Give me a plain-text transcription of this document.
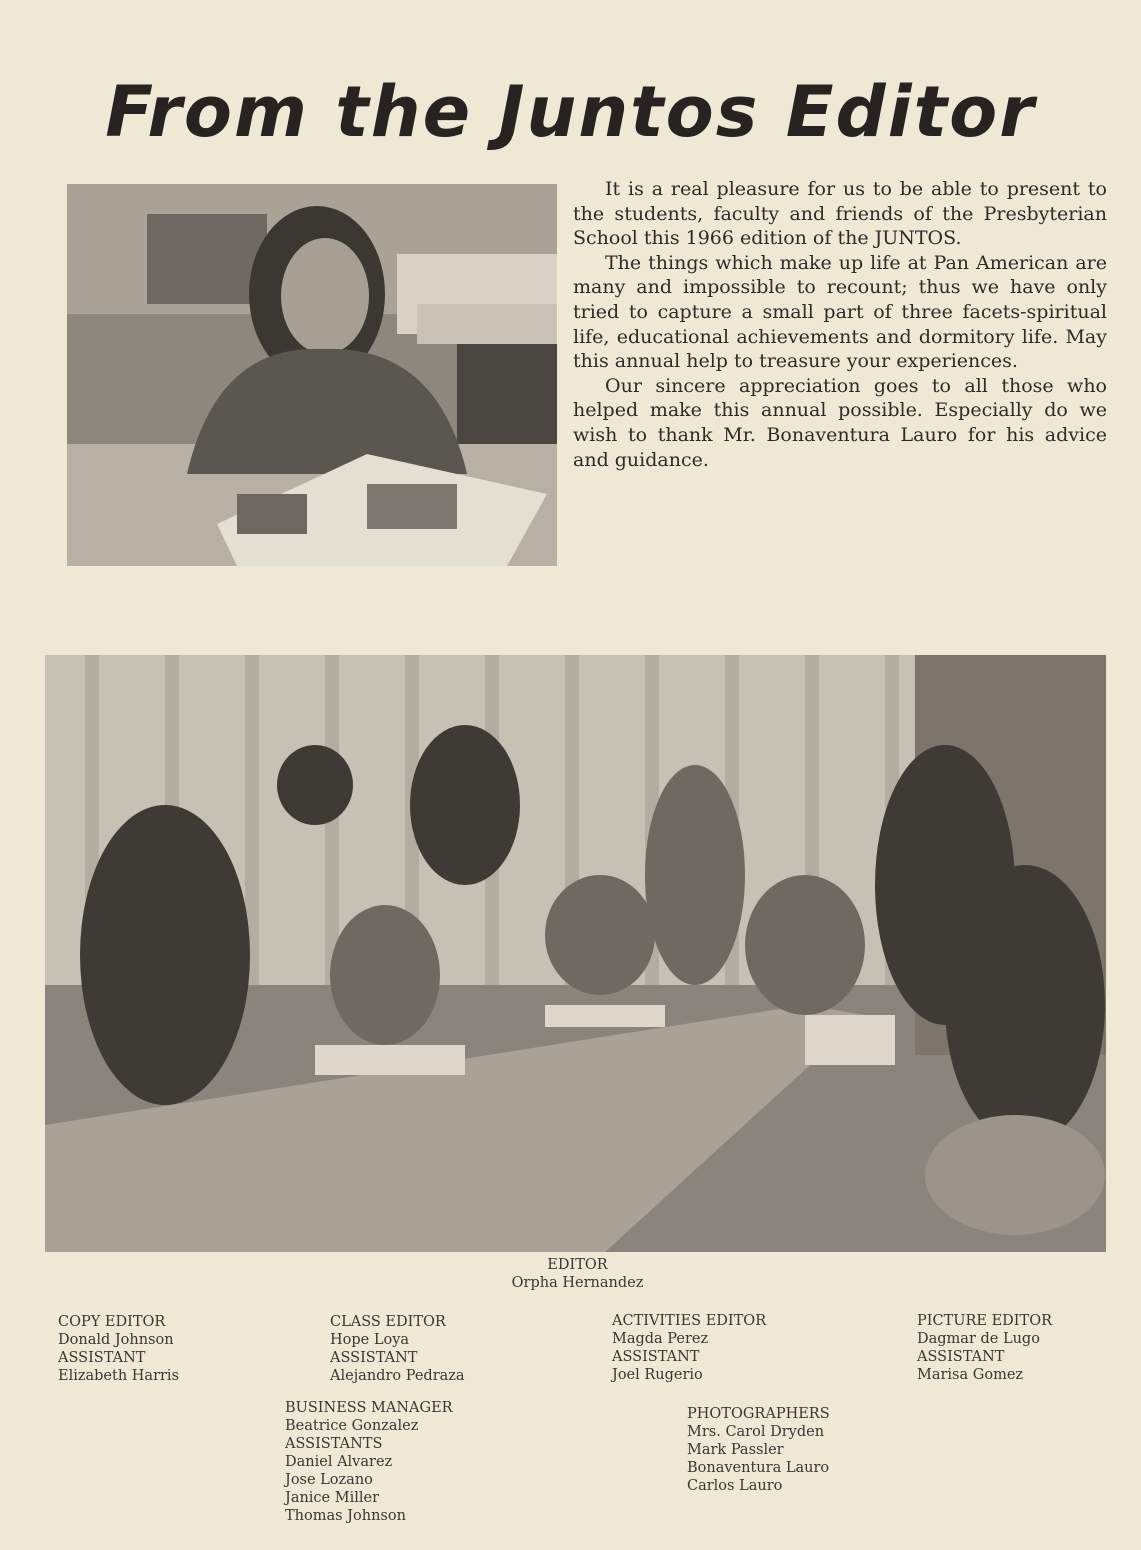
From the Juntos Editor

It is a real pleasure for us to be able to present to the students, faculty and friends of the Presbyterian School this 1966 edition of the JUNTOS.

The things which make up life at Pan American are many and impossible to recount; thus we have only tried to capture a small part of three facets-spiritual life, educational achievements and dormitory life. May this annual help to treasure your experiences.

Our sincere appreciation goes to all those who helped make this annual possible. Especially do we wish to thank Mr. Bonaventura Lauro for his advice and guidance.

EDITOR
Orpha Hernandez
COPY EDITOR
Donald Johnson
ASSISTANT
Elizabeth Harris
CLASS EDITOR
Hope Loya
ASSISTANT
Alejandro Pedraza
ACTIVITIES EDITOR
Magda Perez
ASSISTANT
Joel Rugerio
PICTURE EDITOR
Dagmar de Lugo
ASSISTANT
Marisa Gomez
BUSINESS MANAGER
Beatrice Gonzalez
ASSISTANTS
Daniel Alvarez
Jose Lozano
Janice Miller
Thomas Johnson
PHOTOGRAPHERS
Mrs. Carol Dryden
Mark Passler
Bonaventura Lauro
Carlos Lauro
